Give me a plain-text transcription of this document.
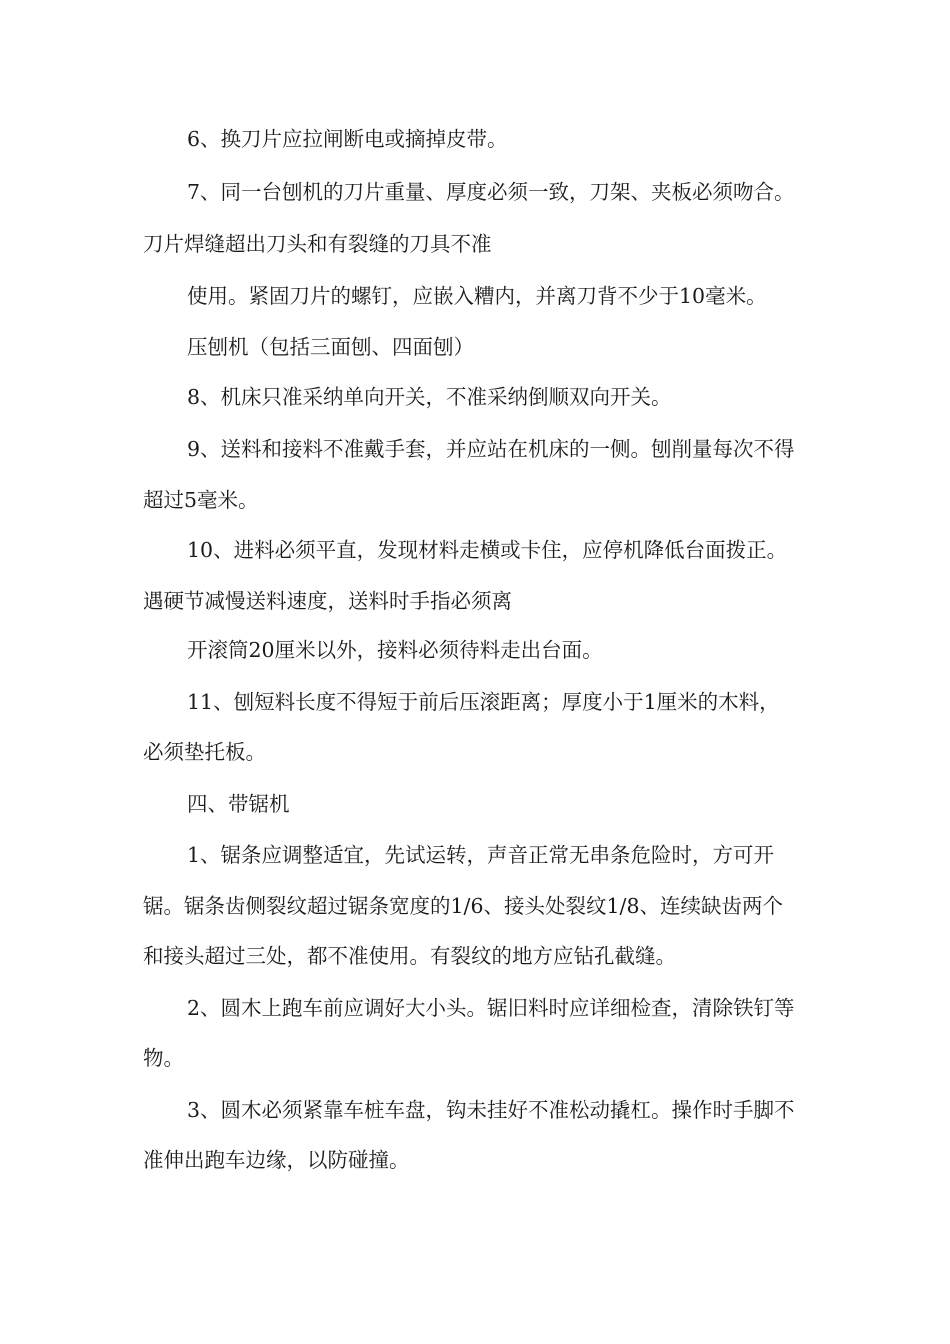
6、换刀片应拉闸断电或摘掉皮带。
7、同一台刨机的刀片重量、厚度必须一致，刀架、夹板必须吻合。
刀片焊缝超出刀头和有裂缝的刀具不准
使用。紧固刀片的螺钉，应嵌入糟内，并离刀背不少于10毫米。
压刨机（包括三面刨、四面刨）
8、机床只准采纳单向开关，不准采纳倒顺双向开关。
9、送料和接料不准戴手套，并应站在机床的一侧。刨削量每次不得
超过5毫米。
10、进料必须平直，发现材料走横或卡住，应停机降低台面拨正。
遇硬节减慢送料速度，送料时手指必须离
开滚筒20厘米以外，接料必须待料走出台面。
11、刨短料长度不得短于前后压滚距离；厚度小于1厘米的木料，
必须垫托板。
四、带锯机
1、锯条应调整适宜，先试运转，声音正常无串条危险时，方可开
锯。锯条齿侧裂纹超过锯条宽度的1/6、接头处裂纹1/8、连续缺齿两个
和接头超过三处，都不准使用。有裂纹的地方应钻孔截缝。
2、圆木上跑车前应调好大小头。锯旧料时应详细检查，清除铁钉等
物。
3、圆木必须紧靠车桩车盘，钩未挂好不准松动撬杠。操作时手脚不
准伸出跑车边缘，以防碰撞。
